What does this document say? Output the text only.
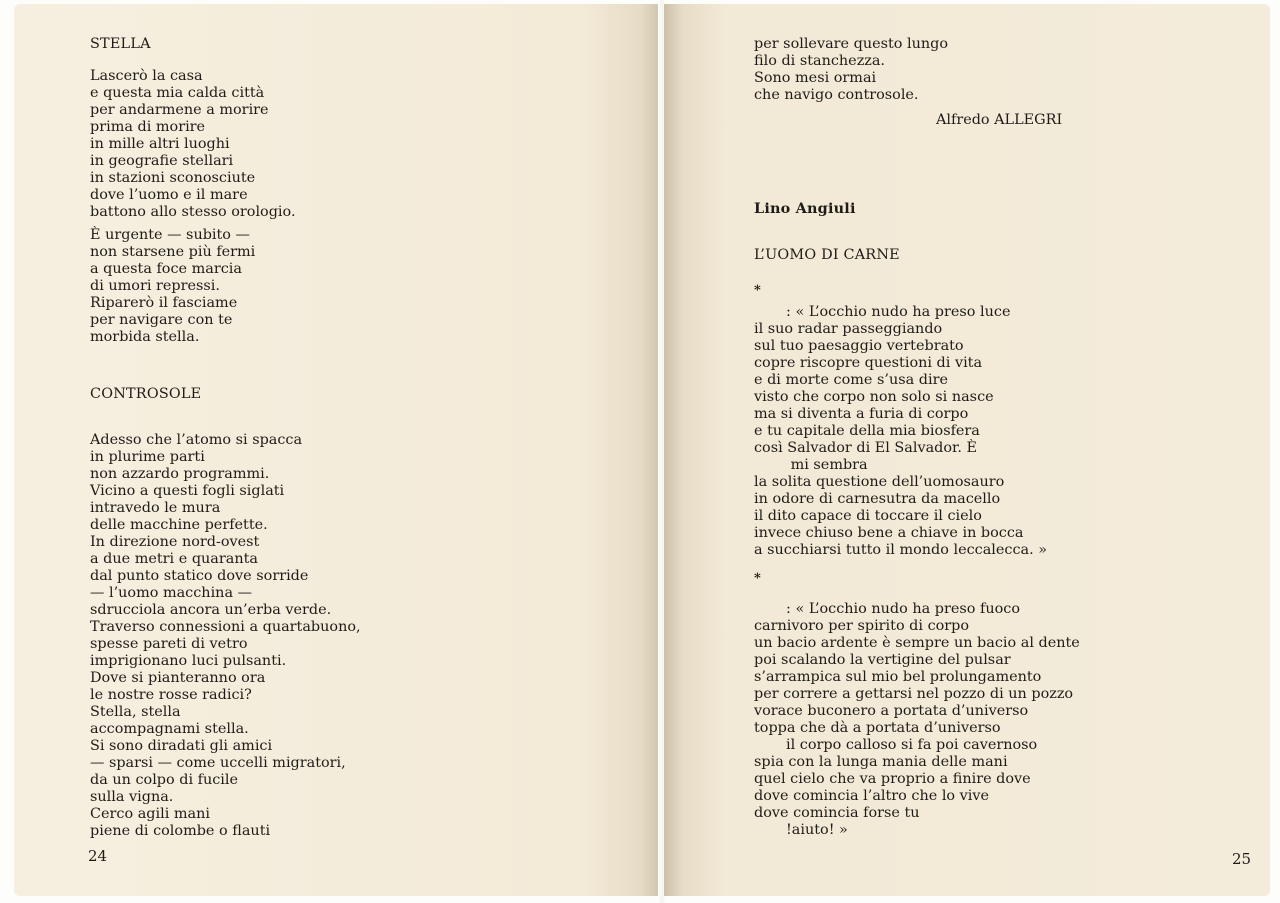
STELLA
Lascerò la casa
e questa mia calda città
per andarmene a morire
prima di morire
in mille altri luoghi
in geografie stellari
in stazioni sconosciute
dove l’uomo e il mare
battono allo stesso orologio.
È urgente — subito —
non starsene più fermi
a questa foce marcia
di umori repressi.
Riparerò il fasciame
per navigare con te
morbida stella.
CONTROSOLE
Adesso che l’atomo si spacca
in plurime parti
non azzardo programmi.
Vicino a questi fogli siglati
intravedo le mura
delle macchine perfette.
In direzione nord-ovest
a due metri e quaranta
dal punto statico dove sorride
— l’uomo macchina —
sdrucciola ancora un’erba verde.
Traverso connessioni a quartabuono,
spesse pareti di vetro
imprigionano luci pulsanti.
Dove si pianteranno ora
le nostre rosse radici?
Stella, stella
accompagnami stella.
Si sono diradati gli amici
— sparsi — come uccelli migratori,
da un colpo di fucile
sulla vigna.
Cerco agili mani
piene di colombe o flauti
24
per sollevare questo lungo
filo di stanchezza.
Sono mesi ormai
che navigo controsole.
Alfredo ALLEGRI
Lino Angiuli
L’UOMO DI CARNE
*
: « L’occhio nudo ha preso luce
il suo radar passeggiando
sul tuo paesaggio vertebrato
copre riscopre questioni di vita
e di morte come s’usa dire
visto che corpo non solo si nasce
ma si diventa a furia di corpo
e tu capitale della mia biosfera
così Salvador di El Salvador. È
mi sembra
la solita questione dell’uomosauro
in odore di carnesutra da macello
il dito capace di toccare il cielo
invece chiuso bene a chiave in bocca
a succhiarsi tutto il mondo leccalecca. »
*
: « L’occhio nudo ha preso fuoco
carnivoro per spirito di corpo
un bacio ardente è sempre un bacio al dente
poi scalando la vertigine del pulsar
s’arrampica sul mio bel prolungamento
per correre a gettarsi nel pozzo di un pozzo
vorace buconero a portata d’universo
toppa che dà a portata d’universo
il corpo calloso si fa poi cavernoso
spia con la lunga mania delle mani
quel cielo che va proprio a finire dove
dove comincia l’altro che lo vive
dove comincia forse tu
!aiuto! »
25
